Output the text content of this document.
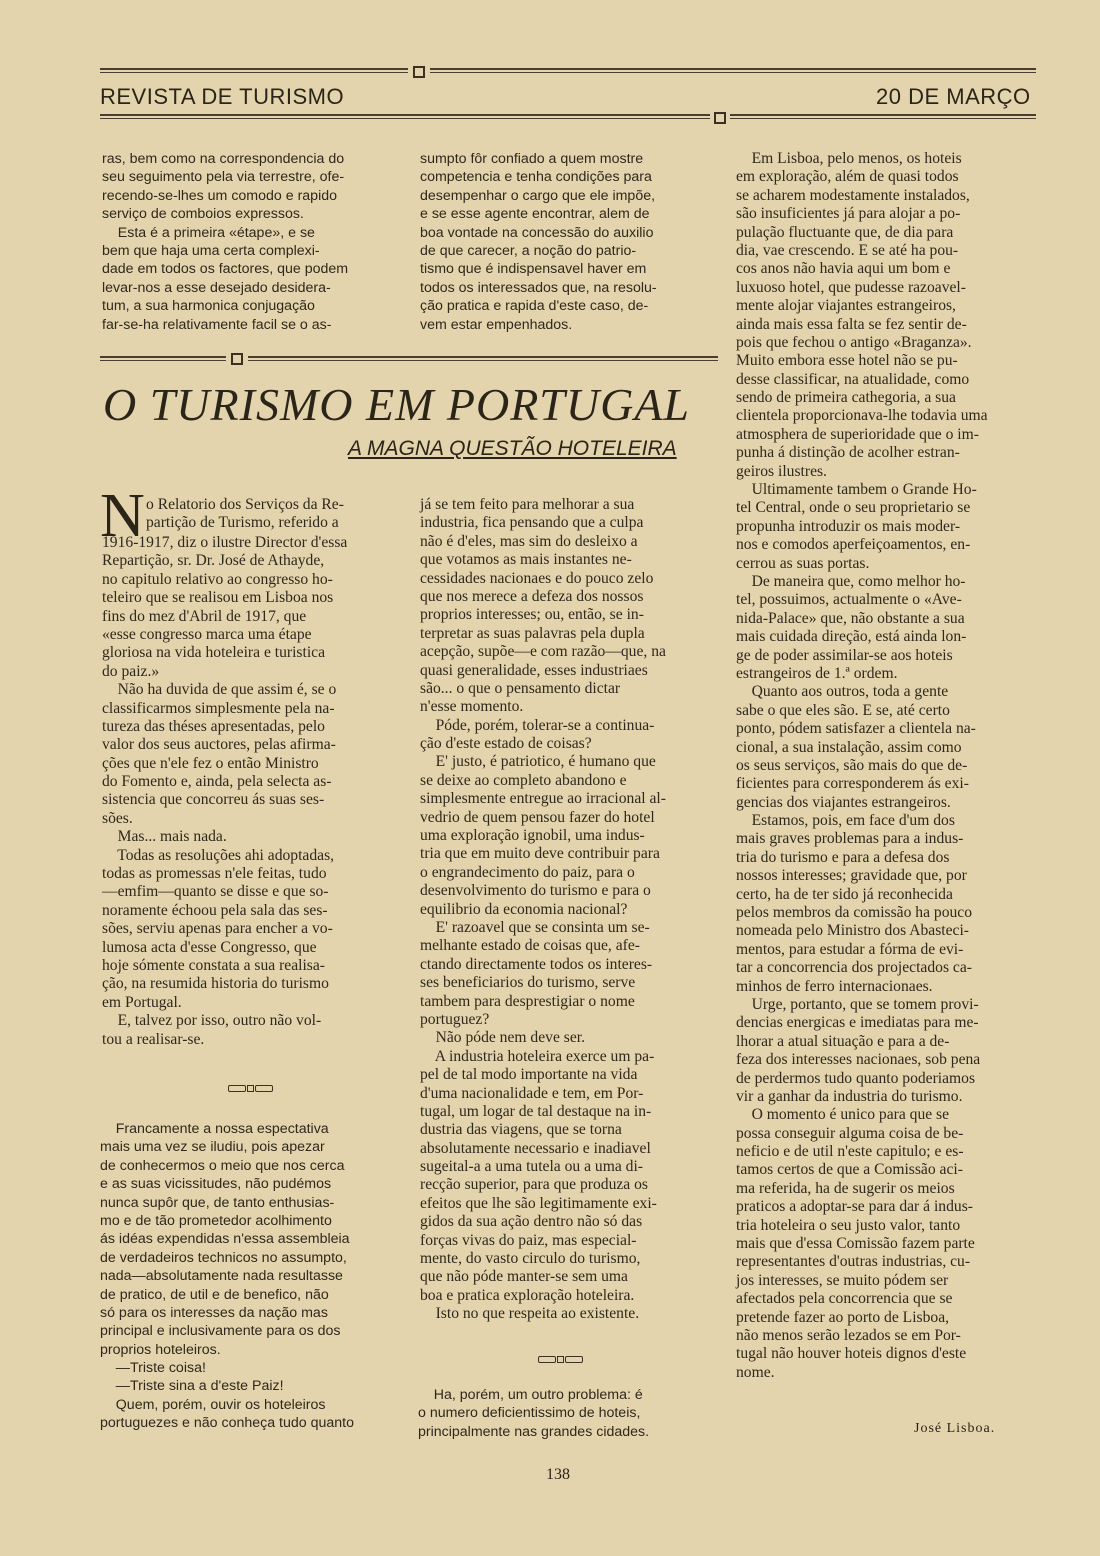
REVISTA DE TURISMO	20 DE MARÇO
ras, bem como na correspondencia do
seu seguimento pela via terrestre, ofe-
recendo-se-lhes um comodo e rapido
serviço de comboios expressos.
Esta é a primeira «étape», e se
bem que haja uma certa complexi-
dade em todos os factores, que podem
levar-nos a esse desejado desidera-
tum, a sua harmonica conjugação
far-se-ha relativamente facil se o as-
sumpto fôr confiado a quem mostre
competencia e tenha condições para
desempenhar o cargo que ele impõe,
e se esse agente encontrar, alem de
boa vontade na concessão do auxilio
de que carecer, a noção do patrio-
tismo que é indispensavel haver em
todos os interessados que, na resolu-
ção pratica e rapida d'este caso, de-
vem estar empenhados.
O TURISMO EM PORTUGAL
A MAGNA QUESTÃO HOTELEIRA
N o Relatorio dos Serviços da Re-
partição de Turismo, referido a
1916-1917, diz o ilustre Director d'essa
Repartição, sr. Dr. José de Athayde,
no capitulo relativo ao congresso ho-
teleiro que se realisou em Lisboa nos
fins do mez d'Abril de 1917, que
«esse congresso marca uma étape
gloriosa na vida hoteleira e turistica
do paiz.»
Não ha duvida de que assim é, se o
classificarmos simplesmente pela na-
tureza das théses apresentadas, pelo
valor dos seus auctores, pelas afirma-
ções que n'ele fez o então Ministro
do Fomento e, ainda, pela selecta as-
sistencia que concorreu ás suas ses-
sões.
Mas... mais nada.
Todas as resoluções ahi adoptadas,
todas as promessas n'ele feitas, tudo
—emfim—quanto se disse e que so-
noramente échoou pela sala das ses-
sões, serviu apenas para encher a vo-
lumosa acta d'esse Congresso, que
hoje sómente constata a sua realisa-
ção, na resumida historia do turismo
em Portugal.
E, talvez por isso, outro não vol-
tou a realisar-se.
Francamente a nossa espectativa
mais uma vez se iludiu, pois apezar
de conhecermos o meio que nos cerca
e as suas vicissitudes, não pudémos
nunca supôr que, de tanto enthusias-
mo e de tão prometedor acolhimento
ás idéas expendidas n'essa assembleia
de verdadeiros technicos no assumpto,
nada—absolutamente nada resultasse
de pratico, de util e de benefico, não
só para os interesses da nação mas
principal e inclusivamente para os dos
proprios hoteleiros.
—Triste coisa!
—Triste sina a d'este Paiz!
Quem, porém, ouvir os hoteleiros
portuguezes e não conheça tudo quanto
já se tem feito para melhorar a sua
industria, fica pensando que a culpa
não é d'eles, mas sim do desleixo a
que votamos as mais instantes ne-
cessidades nacionaes e do pouco zelo
que nos merece a defeza dos nossos
proprios interesses; ou, então, se in-
terpretar as suas palavras pela dupla
acepção, supõe—e com razão—que, na
quasi generalidade, esses industriaes
são... o que o pensamento dictar
n'esse momento.
Póde, porém, tolerar-se a continua-
ção d'este estado de coisas?
E' justo, é patriotico, é humano que
se deixe ao completo abandono e
simplesmente entregue ao irracional al-
vedrio de quem pensou fazer do hotel
uma exploração ignobil, uma indus-
tria que em muito deve contribuir para
o engrandecimento do paiz, para o
desenvolvimento do turismo e para o
equilibrio da economia nacional?
E' razoavel que se consinta um se-
melhante estado de coisas que, afe-
ctando directamente todos os interes-
ses beneficiarios do turismo, serve
tambem para desprestigiar o nome
portuguez?
Não póde nem deve ser.
A industria hoteleira exerce um pa-
pel de tal modo importante na vida
d'uma nacionalidade e tem, em Por-
tugal, um logar de tal destaque na in-
dustria das viagens, que se torna
absolutamente necessario e inadiavel
sugeital-a a uma tutela ou a uma di-
recção superior, para que produza os
efeitos que lhe são legitimamente exi-
gidos da sua ação dentro não só das
forças vivas do paiz, mas especial-
mente, do vasto circulo do turismo,
que não póde manter-se sem uma
boa e pratica exploração hoteleira.
Isto no que respeita ao existente.
Ha, porém, um outro problema: é
o numero deficientissimo de hoteis,
principalmente nas grandes cidades.
Em Lisboa, pelo menos, os hoteis
em exploração, além de quasi todos
se acharem modestamente instalados,
são insuficientes já para alojar a po-
pulação fluctuante que, de dia para
dia, vae crescendo. E se até ha pou-
cos anos não havia aqui um bom e
luxuoso hotel, que pudesse razoavel-
mente alojar viajantes estrangeiros,
ainda mais essa falta se fez sentir de-
pois que fechou o antigo «Braganza».
Muito embora esse hotel não se pu-
desse classificar, na atualidade, como
sendo de primeira cathegoria, a sua
clientela proporcionava-lhe todavia uma
atmosphera de superioridade que o im-
punha á distinção de acolher estran-
geiros ilustres.
Ultimamente tambem o Grande Ho-
tel Central, onde o seu proprietario se
propunha introduzir os mais moder-
nos e comodos aperfeiçoamentos, en-
cerrou as suas portas.
De maneira que, como melhor ho-
tel, possuimos, actualmente o «Ave-
nida-Palace» que, não obstante a sua
mais cuidada direção, está ainda lon-
ge de poder assimilar-se aos hoteis
estrangeiros de 1.ª ordem.
Quanto aos outros, toda a gente
sabe o que eles são. E se, até certo
ponto, pódem satisfazer a clientela na-
cional, a sua instalação, assim como
os seus serviços, são mais do que de-
ficientes para corresponderem ás exi-
gencias dos viajantes estrangeiros.
Estamos, pois, em face d'um dos
mais graves problemas para a indus-
tria do turismo e para a defesa dos
nossos interesses; gravidade que, por
certo, ha de ter sido já reconhecida
pelos membros da comissão ha pouco
nomeada pelo Ministro dos Abasteci-
mentos, para estudar a fórma de evi-
tar a concorrencia dos projectados ca-
minhos de ferro internacionaes.
Urge, portanto, que se tomem provi-
dencias energicas e imediatas para me-
lhorar a atual situação e para a de-
feza dos interesses nacionaes, sob pena
de perdermos tudo quanto poderiamos
vir a ganhar da industria do turismo.
O momento é unico para que se
possa conseguir alguma coisa de be-
neficio e de util n'este capitulo; e es-
tamos certos de que a Comissão aci-
ma referida, ha de sugerir os meios
praticos a adoptar-se para dar á indus-
tria hoteleira o seu justo valor, tanto
mais que d'essa Comissão fazem parte
representantes d'outras industrias, cu-
jos interesses, se muito pódem ser
afectados pela concorrencia que se
pretende fazer ao porto de Lisboa,
não menos serão lezados se em Por-
tugal não houver hoteis dignos d'este
nome.
José Lisboa.
138
